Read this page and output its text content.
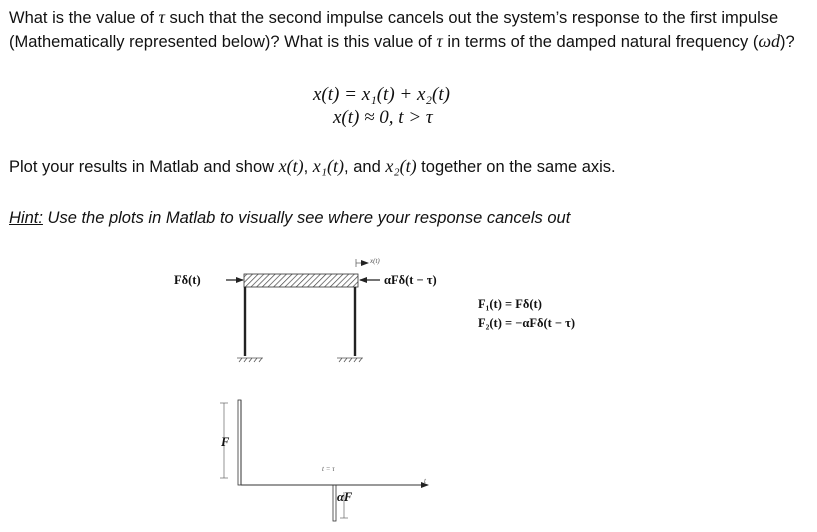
What is the value of τ such that the second impulse cancels out the system’s response to the first impulse (Mathematically represented below)? What is this value of τ in terms of the damped natural frequency (ωd)?
x(t) = x₁(t) + x₂(t)
x(t) ≈ 0, t > τ
Plot your results in Matlab and show x(t), x₁(t), and x₂(t) together on the same axis.
Hint: Use the plots in Matlab to visually see where your response cancels out
Fδ(t)	αFδ(t − τ)
x(t)
F₁(t) = Fδ(t)
F₂(t) = −αFδ(t − τ)
F
αF
t = τ
t
